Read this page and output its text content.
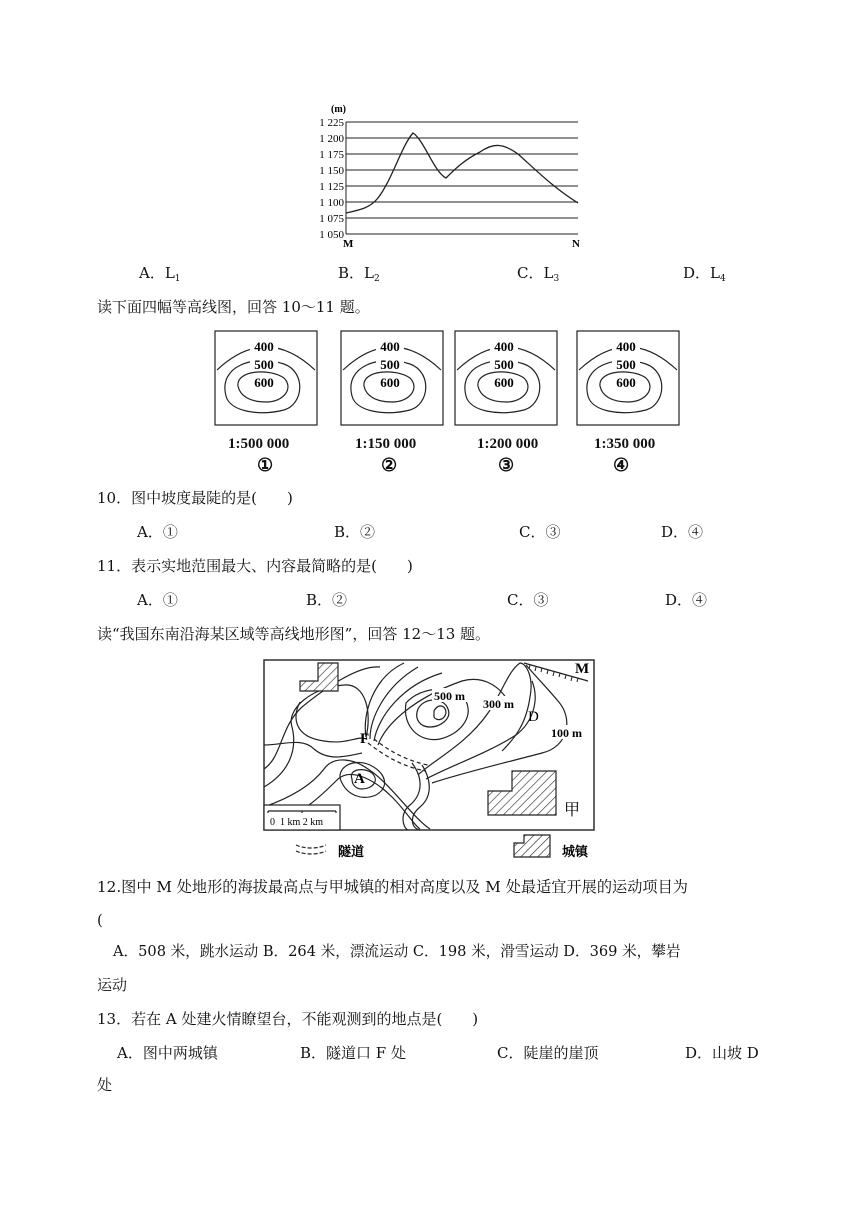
(m)
1 225
1 200
1 175
1 150
1 125
1 100
1 075
1 050
M	N
A．$L_1$	B．$L_2$	C．$L_3$	D．$L_4$
读下面四幅等高线图，回答 10～11 题。
400
500
600
400
500
600
400
500
600
400
500
600
1:500 000	1:150 000	1:200 000	1:350 000
①	②	③	④
10．图中坡度最陡的是(　　)
A．①	B．②	C．③	D．④
11．表示实地范围最大、内容最简略的是(　　)
A．①	B．②	C．③	D．④
读“我国东南沿海某区域等高线地形图”，回答 12～13 题。
500 m
300 m
100 m
M
D
F
A
甲
0  1 km 2 km
隧道	城镇
12.图中 M 处地形的海拔最高点与甲城镇的相对高度以及 M 处最适宜开展的运动项目为
(
A．508 米，跳水运动 B．264 米，漂流运动 C．198 米，滑雪运动 D．369 米，攀岩
运动
13．若在 A 处建火情瞭望台，不能观测到的地点是(　　)
A．图中两城镇	B．隧道口 F 处	C．陡崖的崖顶	D．山坡 D
处
